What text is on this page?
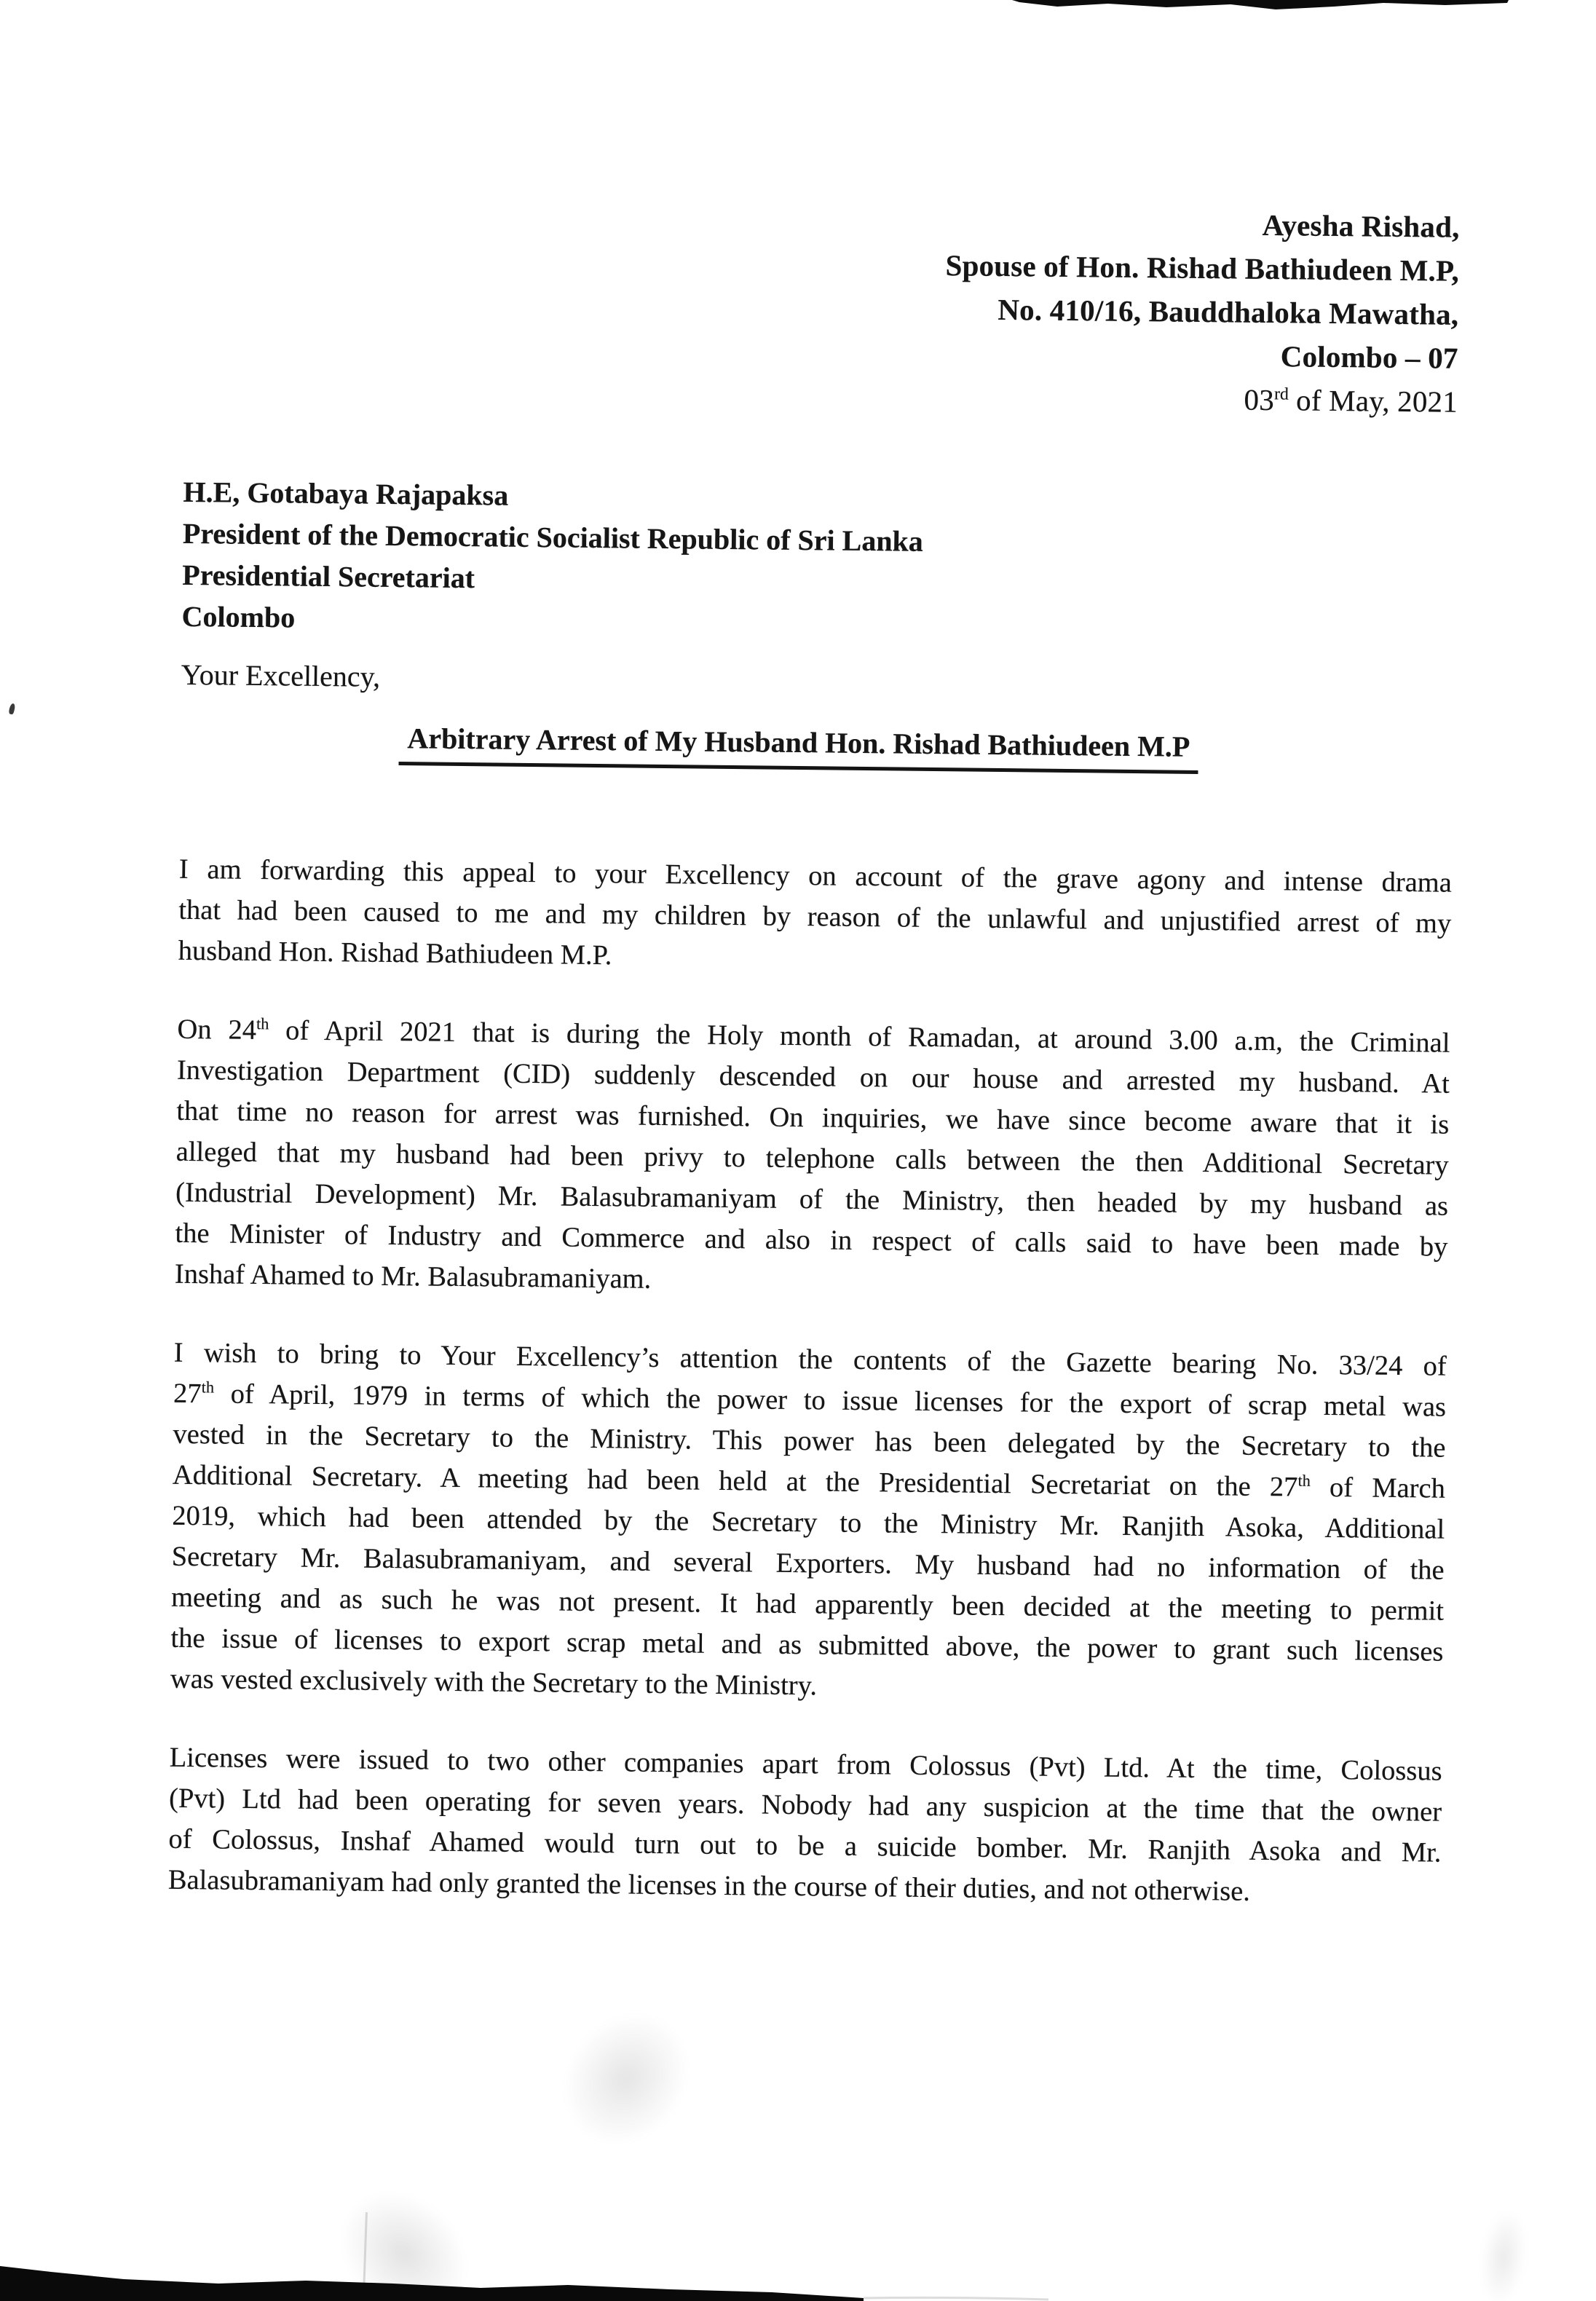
Ayesha Rishad,
Spouse of Hon. Rishad Bathiudeen M.P,
No. 410/16, Bauddhaloka Mawatha,
Colombo – 07
03rd of May, 2021
H.E, Gotabaya Rajapaksa
President of the Democratic Socialist Republic of Sri Lanka
Presidential Secretariat
Colombo
Your Excellency,
Arbitrary Arrest of My Husband Hon. Rishad Bathiudeen M.P

I am forwarding this appeal to your Excellency on account of the grave agony and intense drama
that had been caused to me and my children by reason of the unlawful and unjustified arrest of my
husband Hon. Rishad Bathiudeen M.P.

On 24th of April 2021 that is during the Holy month of Ramadan, at around 3.00 a.m, the Criminal
Investigation Department (CID) suddenly descended on our house and arrested my husband. At
that time no reason for arrest was furnished. On inquiries, we have since become aware that it is
alleged that my husband had been privy to telephone calls between the then Additional Secretary
(Industrial Development) Mr. Balasubramaniyam of the Ministry, then headed by my husband as
the Minister of Industry and Commerce and also in respect of calls said to have been made by
Inshaf Ahamed to Mr. Balasubramaniyam.

I wish to bring to Your Excellency’s attention the contents of the Gazette bearing No. 33/24 of
27th of April, 1979 in terms of which the power to issue licenses for the export of scrap metal was
vested in the Secretary to the Ministry. This power has been delegated by the Secretary to the
Additional Secretary. A meeting had been held at the Presidential Secretariat on the 27th of March
2019, which had been attended by the Secretary to the Ministry Mr. Ranjith Asoka, Additional
Secretary Mr. Balasubramaniyam, and several Exporters. My husband had no information of the
meeting and as such he was not present. It had apparently been decided at the meeting to permit
the issue of licenses to export scrap metal and as submitted above, the power to grant such licenses
was vested exclusively with the Secretary to the Ministry.

Licenses were issued to two other companies apart from Colossus (Pvt) Ltd. At the time, Colossus
(Pvt) Ltd had been operating for seven years. Nobody had any suspicion at the time that the owner
of Colossus, Inshaf Ahamed would turn out to be a suicide bomber. Mr. Ranjith Asoka and Mr.
Balasubramaniyam had only granted the licenses in the course of their duties, and not otherwise.
